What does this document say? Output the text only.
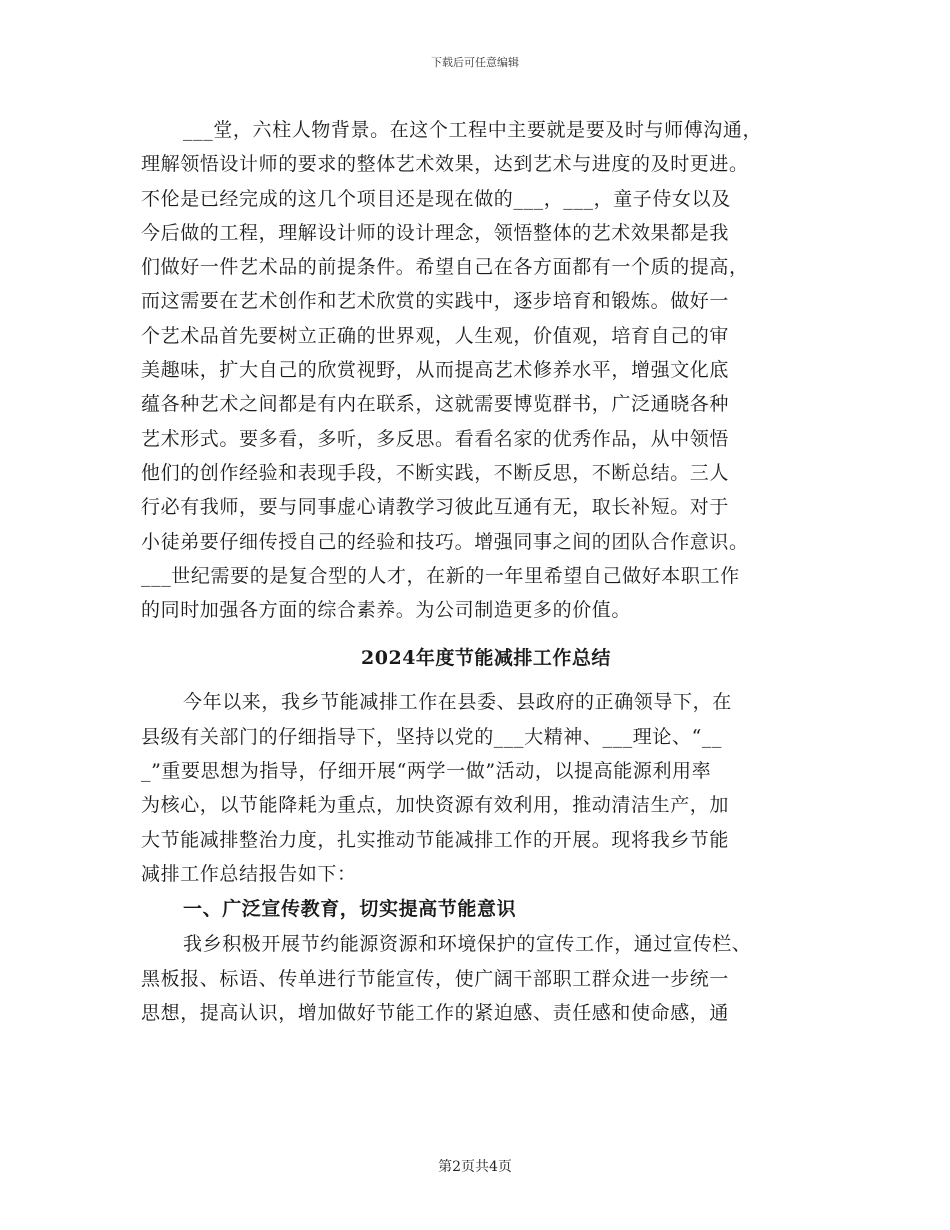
下载后可任意编辑
___堂，六柱人物背景。在这个工程中主要就是要及时与师傅沟通，
理解领悟设计师的要求的整体艺术效果，达到艺术与进度的及时更进。
不伦是已经完成的这几个项目还是现在做的___，___，童子侍女以及
今后做的工程，理解设计师的设计理念，领悟整体的艺术效果都是我
们做好一件艺术品的前提条件。希望自己在各方面都有一个质的提高，
而这需要在艺术创作和艺术欣赏的实践中，逐步培育和锻炼。做好一
个艺术品首先要树立正确的世界观，人生观，价值观，培育自己的审
美趣味，扩大自己的欣赏视野，从而提高艺术修养水平，增强文化底
蕴各种艺术之间都是有内在联系，这就需要博览群书，广泛通晓各种
艺术形式。要多看，多听，多反思。看看名家的优秀作品，从中领悟
他们的创作经验和表现手段，不断实践，不断反思，不断总结。三人
行必有我师，要与同事虚心请教学习彼此互通有无，取长补短。对于
小徒弟要仔细传授自己的经验和技巧。增强同事之间的团队合作意识。
___世纪需要的是复合型的人才，在新的一年里希望自己做好本职工作
的同时加强各方面的综合素养。为公司制造更多的价值。
2024年度节能减排工作总结
今年以来，我乡节能减排工作在县委、县政府的正确领导下，在
县级有关部门的仔细指导下，坚持以党的___大精神、___理论、“__
_”重要思想为指导，仔细开展“两学一做”活动，以提高能源利用率
为核心，以节能降耗为重点，加快资源有效利用，推动清洁生产，加
大节能减排整治力度，扎实推动节能减排工作的开展。现将我乡节能
减排工作总结报告如下：
一、广泛宣传教育，切实提高节能意识
我乡积极开展节约能源资源和环境保护的宣传工作，通过宣传栏、
黑板报、标语、传单进行节能宣传，使广阔干部职工群众进一步统一
思想，提高认识，增加做好节能工作的紧迫感、责任感和使命感，通
第2页共4页
